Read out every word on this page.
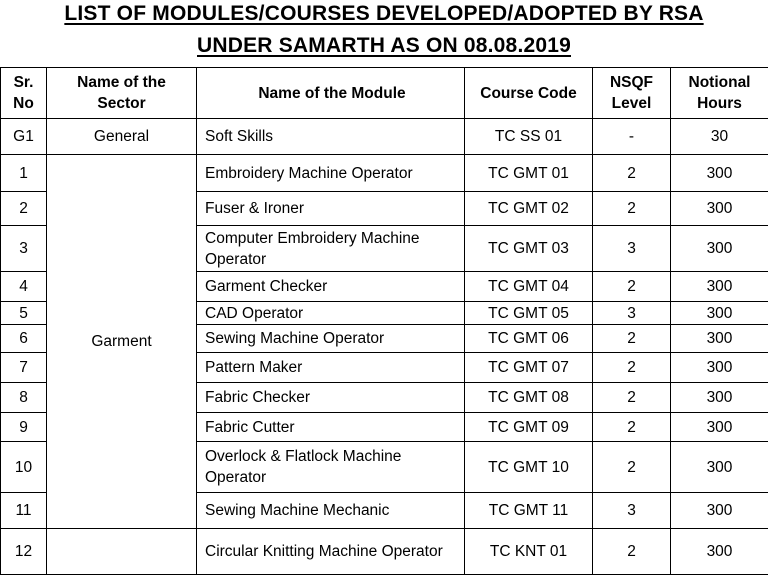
LIST OF MODULES/COURSES DEVELOPED/ADOPTED BY RSA
UNDER SAMARTH AS ON 08.08.2019
Sr. No	Name of the Sector	Name of the Module	Course Code	NSQF Level	Notional Hours
G1	General	Soft Skills	TC SS 01	-	30
1	Garment	Embroidery Machine Operator	TC GMT 01	2	300
2		Fuser & Ironer	TC GMT 02	2	300
3		Computer Embroidery Machine Operator	TC GMT 03	3	300
4		Garment Checker	TC GMT 04	2	300
5		CAD Operator	TC GMT 05	3	300
6		Sewing Machine Operator	TC GMT 06	2	300
7		Pattern Maker	TC GMT 07	2	300
8		Fabric Checker	TC GMT 08	2	300
9		Fabric Cutter	TC GMT 09	2	300
10		Overlock & Flatlock Machine Operator	TC GMT 10	2	300
11		Sewing Machine Mechanic	TC GMT 11	3	300
12		Circular Knitting Machine Operator	TC KNT 01	2	300
